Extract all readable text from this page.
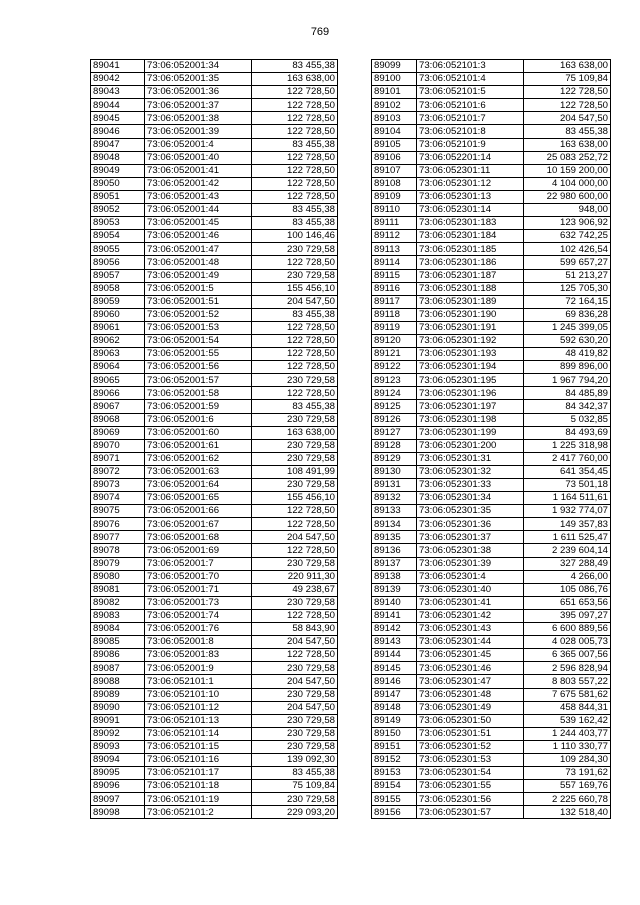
769
89041	73:06:052001:34	83 455,38
89042	73:06:052001:35	163 638,00
89043	73:06:052001:36	122 728,50
89044	73:06:052001:37	122 728,50
89045	73:06:052001:38	122 728,50
89046	73:06:052001:39	122 728,50
89047	73:06:052001:4	83 455,38
89048	73:06:052001:40	122 728,50
89049	73:06:052001:41	122 728,50
89050	73:06:052001:42	122 728,50
89051	73:06:052001:43	122 728,50
89052	73:06:052001:44	83 455,38
89053	73:06:052001:45	83 455,38
89054	73:06:052001:46	100 146,46
89055	73:06:052001:47	230 729,58
89056	73:06:052001:48	122 728,50
89057	73:06:052001:49	230 729,58
89058	73:06:052001:5	155 456,10
89059	73:06:052001:51	204 547,50
89060	73:06:052001:52	83 455,38
89061	73:06:052001:53	122 728,50
89062	73:06:052001:54	122 728,50
89063	73:06:052001:55	122 728,50
89064	73:06:052001:56	122 728,50
89065	73:06:052001:57	230 729,58
89066	73:06:052001:58	122 728,50
89067	73:06:052001:59	83 455,38
89068	73:06:052001:6	230 729,58
89069	73:06:052001:60	163 638,00
89070	73:06:052001:61	230 729,58
89071	73:06:052001:62	230 729,58
89072	73:06:052001:63	108 491,99
89073	73:06:052001:64	230 729,58
89074	73:06:052001:65	155 456,10
89075	73:06:052001:66	122 728,50
89076	73:06:052001:67	122 728,50
89077	73:06:052001:68	204 547,50
89078	73:06:052001:69	122 728,50
89079	73:06:052001:7	230 729,58
89080	73:06:052001:70	220 911,30
89081	73:06:052001:71	49 238,67
89082	73:06:052001:73	230 729,58
89083	73:06:052001:74	122 728,50
89084	73:06:052001:76	58 843,90
89085	73:06:052001:8	204 547,50
89086	73:06:052001:83	122 728,50
89087	73:06:052001:9	230 729,58
89088	73:06:052101:1	204 547,50
89089	73:06:052101:10	230 729,58
89090	73:06:052101:12	204 547,50
89091	73:06:052101:13	230 729,58
89092	73:06:052101:14	230 729,58
89093	73:06:052101:15	230 729,58
89094	73:06:052101:16	139 092,30
89095	73:06:052101:17	83 455,38
89096	73:06:052101:18	75 109,84
89097	73:06:052101:19	230 729,58
89098	73:06:052101:2	229 093,20
89099	73:06:052101:3	163 638,00
89100	73:06:052101:4	75 109,84
89101	73:06:052101:5	122 728,50
89102	73:06:052101:6	122 728,50
89103	73:06:052101:7	204 547,50
89104	73:06:052101:8	83 455,38
89105	73:06:052101:9	163 638,00
89106	73:06:052201:14	25 083 252,72
89107	73:06:052301:11	10 159 200,00
89108	73:06:052301:12	4 104 000,00
89109	73:06:052301:13	22 980 600,00
89110	73:06:052301:14	948,00
89111	73:06:052301:183	123 906,92
89112	73:06:052301:184	632 742,25
89113	73:06:052301:185	102 426,54
89114	73:06:052301:186	599 657,27
89115	73:06:052301:187	51 213,27
89116	73:06:052301:188	125 705,30
89117	73:06:052301:189	72 164,15
89118	73:06:052301:190	69 836,28
89119	73:06:052301:191	1 245 399,05
89120	73:06:052301:192	592 630,20
89121	73:06:052301:193	48 419,82
89122	73:06:052301:194	899 896,00
89123	73:06:052301:195	1 967 794,20
89124	73:06:052301:196	84 485,89
89125	73:06:052301:197	84 342,37
89126	73:06:052301:198	5 032,85
89127	73:06:052301:199	84 493,69
89128	73:06:052301:200	1 225 318,98
89129	73:06:052301:31	2 417 760,00
89130	73:06:052301:32	641 354,45
89131	73:06:052301:33	73 501,18
89132	73:06:052301:34	1 164 511,61
89133	73:06:052301:35	1 932 774,07
89134	73:06:052301:36	149 357,83
89135	73:06:052301:37	1 611 525,47
89136	73:06:052301:38	2 239 604,14
89137	73:06:052301:39	327 288,49
89138	73:06:052301:4	4 266,00
89139	73:06:052301:40	105 086,76
89140	73:06:052301:41	651 653,56
89141	73:06:052301:42	395 097,27
89142	73:06:052301:43	6 600 889,56
89143	73:06:052301:44	4 028 005,73
89144	73:06:052301:45	6 365 007,56
89145	73:06:052301:46	2 596 828,94
89146	73:06:052301:47	8 803 557,22
89147	73:06:052301:48	7 675 581,62
89148	73:06:052301:49	458 844,31
89149	73:06:052301:50	539 162,42
89150	73:06:052301:51	1 244 403,77
89151	73:06:052301:52	1 110 330,77
89152	73:06:052301:53	109 284,30
89153	73:06:052301:54	73 191,62
89154	73:06:052301:55	557 169,76
89155	73:06:052301:56	2 225 660,78
89156	73:06:052301:57	132 518,40
